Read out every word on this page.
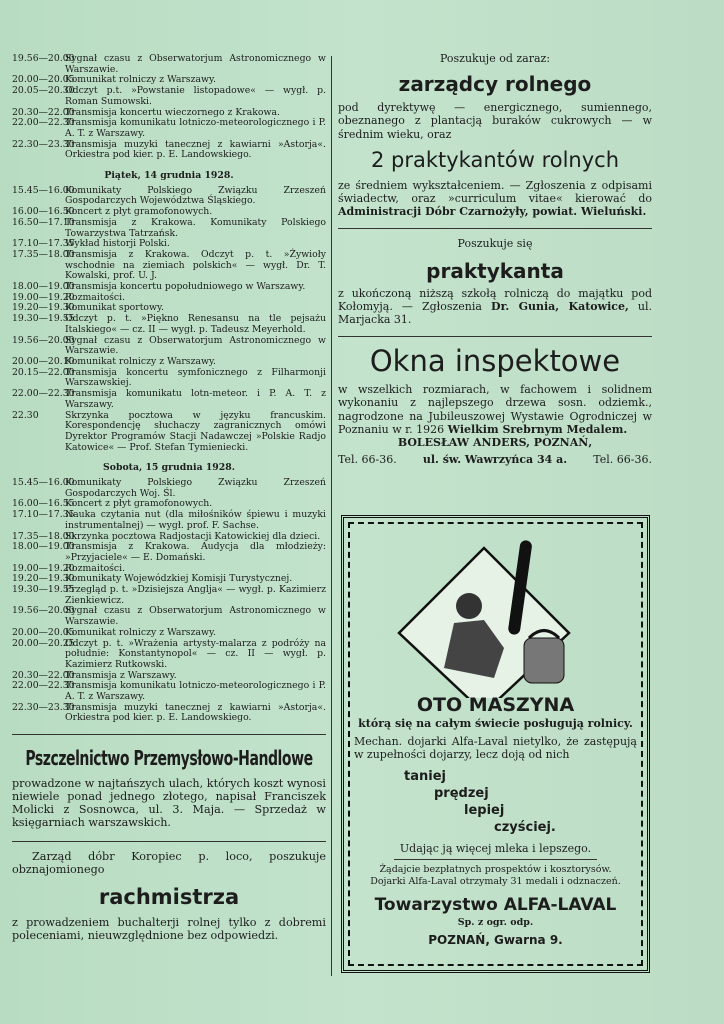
19.56—20.00
Sygnał czasu z Obserwatorjum Astronomicznego w Warszawie.
20.00—20.05
Komunikat rolniczy z Warszawy.
20.05—20.30
Odczyt p.t. »Powstanie listopadowe« — wygł. p. Roman Sumowski.
20.30—22.00
Transmisja koncertu wieczornego z Krakowa.
22.00—22.30
Transmisja komunikatu lotniczo-meteorologicznego i P. A. T. z Warszawy.
22.30—23.30
Transmisja muzyki tanecznej z kawiarni »Astorja«. Orkiestra pod kier. p. E. Landowskiego.
Piątek, 14 grudnia 1928.
15.45—16.00
Komunikaty Polskiego Związku Zrzeszeń Gospodarczych Województwa Śląskiego.
16.00—16.50
Koncert z płyt gramofonowych.
16.50—17.10
Transmisja z Krakowa. Komunikaty Polskiego Towarzystwa Tatrzańsk.
17.10—17.35
Wykład historji Polski.
17.35—18.00
Transmisja z Krakowa. Odczyt p. t. »Żywioły wschodnie na ziemiach polskich« — wygł. Dr. T. Kowalski, prof. U. J.
18.00—19.00
Transmisja koncertu popołudniowego w Warszawy.
19.00—19.20
Rozmaitości.
19.20—19.30
Komunikat sportowy.
19.30—19.55
Odczyt p. t. »Piękno Renesansu na tle pejsażu Italskiego« — cz. II — wygł. p. Tadeusz Meyerhold.
19.56—20.00
Sygnał czasu z Obserwatorjum Astronomicznego w Warszawie.
20.00—20.10
Komunikat rolniczy z Warszawy.
20.15—22.00
Transmisja koncertu symfonicznego z Filharmonji Warszawskiej.
22.00—22.30
Transmisja komunikatu lotn-meteor. i P. A. T. z Warszawy.
22.30	Skrzynka pocztowa w języku francuskim. Korespondencję słuchaczy zagranicznych omówi Dyrektor Programów Stacji Nadawczej »Polskie Radjo Katowice« — Prof. Stefan Tymieniecki.
Sobota, 15 grudnia 1928.
15.45—16.00
Komunikaty Polskiego Związku Zrzeszeń Gospodarczych Woj. Śl.
16.00—16.55
Koncert z płyt gramofonowych.
17.10—17.35
Nauka czytania nut (dla miłośników śpiewu i muzyki instrumentalnej) — wygł. prof. F. Sachse.
17.35—18.00
Skrzynka pocztowa Radjostacji Katowickiej dla dzieci.
18.00—19.00
Transmisja z Krakowa. Audycja dla młodzieży: »Przyjaciele« — E. Domański.
19.00—19.20
Rozmaitości.
19.20—19.30
Komunikaty Wojewódzkiej Komisji Turystycznej.
19.30—19.55
Przegląd p. t. »Dzisiejsza Anglja« — wygł. p. Kazimierz Zienkiewicz.
19.56—20.00
Sygnał czasu z Obserwatorjum Astronomicznego w Warszawie.
20.00—20.05
Komunikat rolniczy z Warszawy.
20.00—20.25
Odczyt p. t. »Wrażenia artysty-malarza z podróży na południe: Konstantynopol« — cz. II — wygł. p. Kazimierz Rutkowski.
20.30—22.00
Transmisja z Warszawy.
22.00—22.30
Transmisja komunikatu lotniczo-meteorologicznego i P. A. T. z Warszawy.
22.30—23.30
Transmisja muzyki tanecznej z kawiarni »Astorja«. Orkiestra pod kier. p. E. Landowskiego.
Pszczelnictwo Przemysłowo-Handlowe
prowadzone w najtańszych ulach, których koszt wynosi niewiele ponad jednego złotego, napisał Franciszek Molicki z Sosnowca, ul. 3. Maja. — Sprzedaż w księgarniach warszawskich.
Zarząd dóbr Koropiec p. loco, poszukuje obznajomionego
rachmistrza
z prowadzeniem buchalterji rolnej tylko z dobremi poleceniami, nieuwzględnione bez odpowiedzi.
Poszukuje od zaraz:
zarządcy rolnego
pod dyrektywę — energicznego, sumiennego, obeznanego z plantacją buraków cukrowych — w średnim wieku, oraz
2 praktykantów rolnych
ze średniem wykształceniem. — Zgłoszenia z odpisami świadectw, oraz »curriculum vitae« kierować do Administracji Dóbr Czarnożyły, powiat. Wieluński.
Poszukuje się
praktykanta
z ukończoną niższą szkołą rolniczą do majątku pod Kołomyją. — Zgłoszenia Dr. Gunia, Katowice, ul. Marjacka 31.
Okna inspektowe
w wszelkich rozmiarach, w fachowem i solidnem wykonaniu z najlepszego drzewa sosn. odziemk., nagrodzone na Jubileuszowej Wystawie Ogrodniczej w Poznaniu w r. 1926 Wielkim Srebrnym Medalem.
BOLESŁAW ANDERS, POZNAŃ,
Tel. 66-36. ul. św. Wawrzyńca 34 a. Tel. 66-36.
OTO MASZYNA
którą się na całym świecie posługują rolnicy.
Mechan. dojarki Alfa-Laval nietylko, że zastępują w zupełności dojarzy, lecz doją od nich
taniej
prędzej
lepiej
czyściej.
Udając ją więcej mleka i lepszego.
Żądajcie bezpłatnych prospektów i kosztorysów.
Dojarki Alfa-Laval otrzymały 31 medali i odznaczeń.
Towarzystwo ALFA-LAVAL
Sp. z ogr. odp.
POZNAŃ, Gwarna 9.
